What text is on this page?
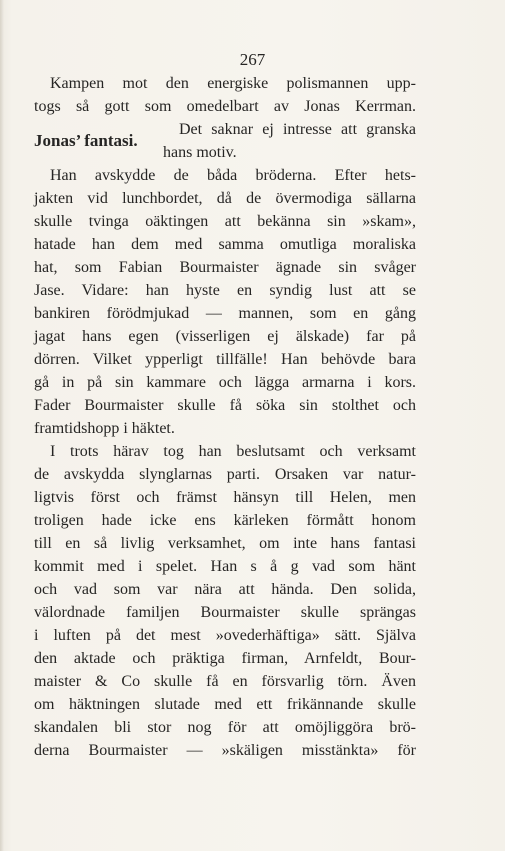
267
Kampen mot den energiske polismannen upp-
togs så gott som omedelbart av Jonas Kerrman.
Jonas’ fantasi.
Det saknar ej intresse att granska
hans motiv.
Han avskydde de båda bröderna. Efter hets-
jakten vid lunchbordet, då de övermodiga sällarna
skulle tvinga oäktingen att bekänna sin »skam»,
hatade han dem med samma omutliga moraliska
hat, som Fabian Bourmaister ägnade sin svåger
Jase. Vidare: han hyste en syndig lust att se
bankiren förödmjukad — mannen, som en gång
jagat hans egen (visserligen ej älskade) far på
dörren. Vilket ypperligt tillfälle! Han behövde bara
gå in på sin kammare och lägga armarna i kors.
Fader Bourmaister skulle få söka sin stolthet och
framtidshopp i häktet.
I trots härav tog han beslutsamt och verksamt
de avskydda slynglarnas parti. Orsaken var natur-
ligtvis först och främst hänsyn till Helen, men
troligen hade icke ens kärleken förmått honom
till en så livlig verksamhet, om inte hans fantasi
kommit med i spelet. Han s å g vad som hänt
och vad som var nära att hända. Den solida,
välordnade familjen Bourmaister skulle sprängas
i luften på det mest »ovederhäftiga» sätt. Själva
den aktade och präktiga firman, Arnfeldt, Bour-
maister & Co skulle få en försvarlig törn. Även
om häktningen slutade med ett frikännande skulle
skandalen bli stor nog för att omöjliggöra brö-
derna Bourmaister — »skäligen misstänkta» för
